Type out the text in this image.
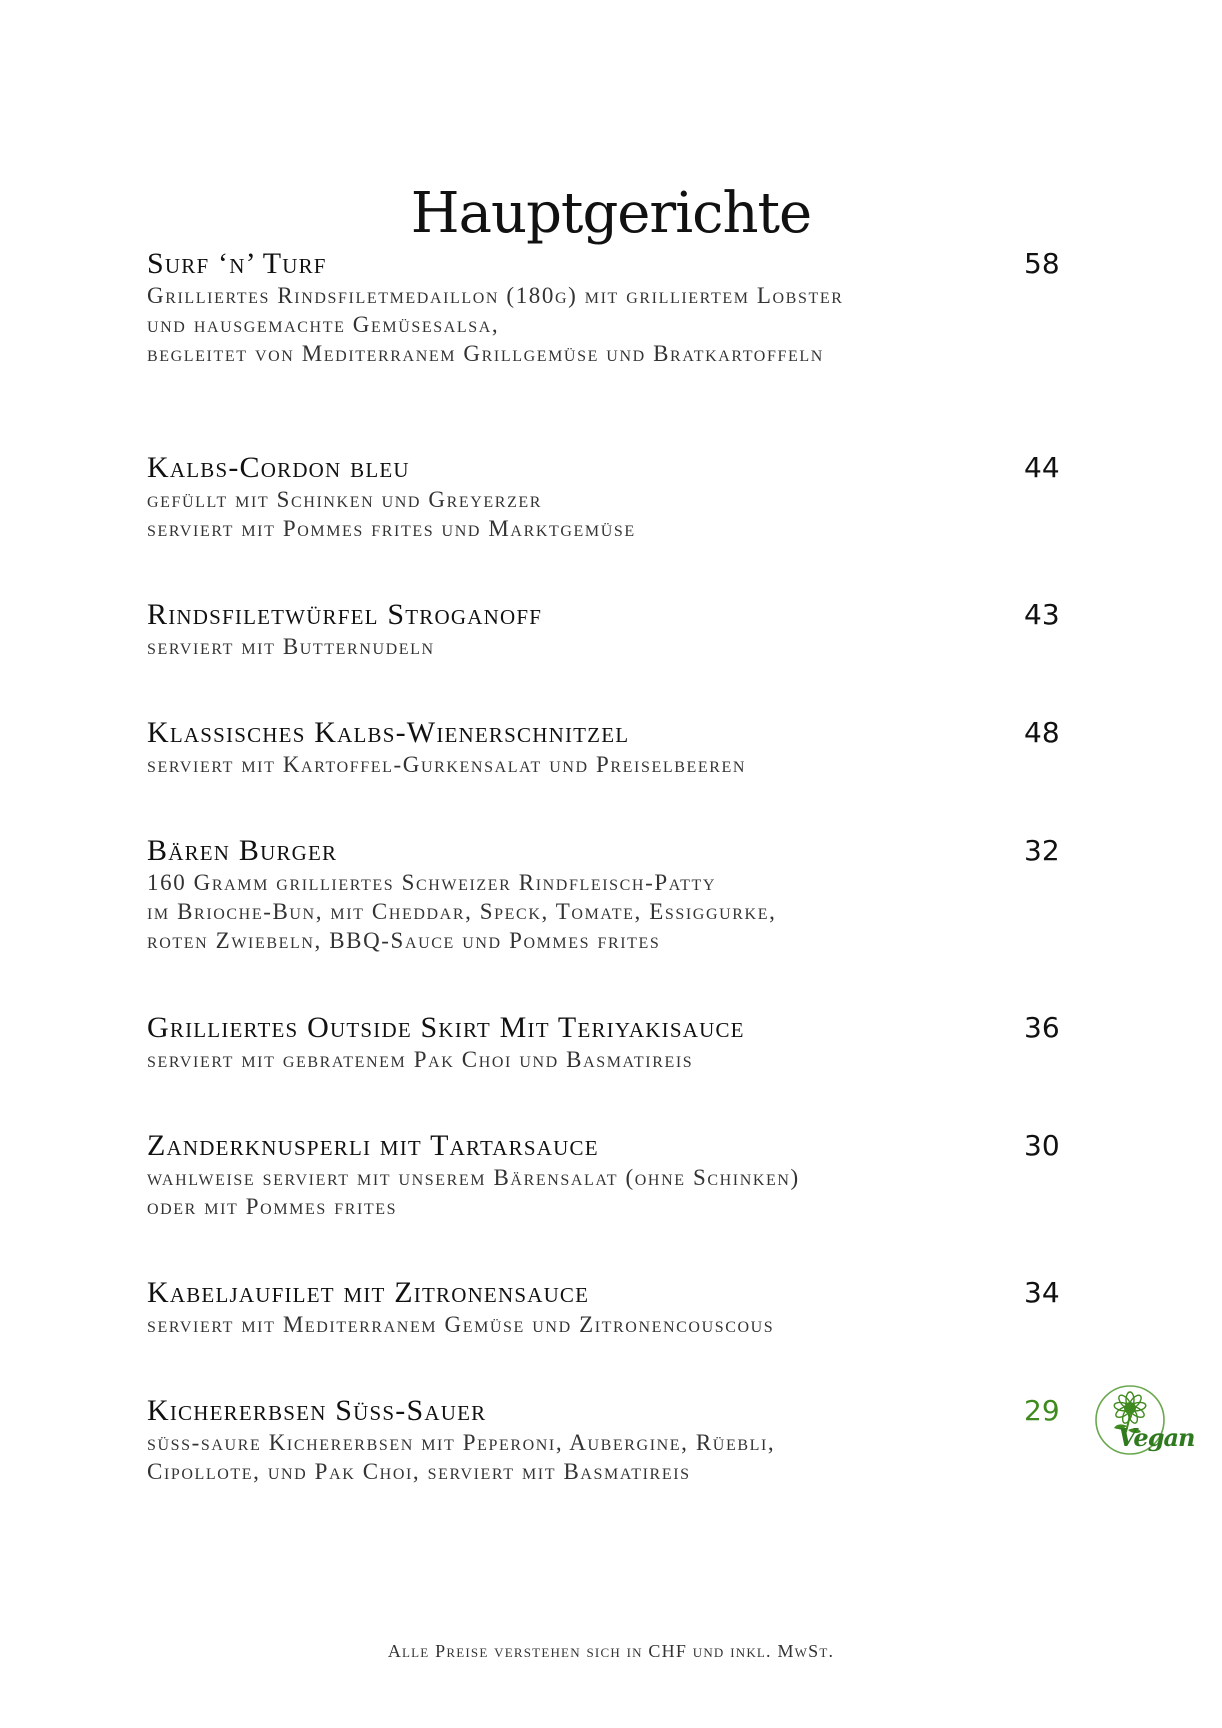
Hauptgerichte
Surf ‘n’ Turf	58
Grilliertes Rindsfiletmedaillon (180g) mit grilliertem Lobster
und hausgemachte Gemüsesalsa,
begleitet von Mediterranem Grillgemüse und Bratkartoffeln
Kalbs-Cordon bleu	44
gefüllt mit Schinken und Greyerzer
serviert mit Pommes frites und Marktgemüse
Rindsfiletwürfel Stroganoff	43
serviert mit Butternudeln
Klassisches Kalbs-Wienerschnitzel	48
serviert mit Kartoffel-Gurkensalat und Preiselbeeren
Bären Burger	32
160 Gramm grilliertes Schweizer Rindfleisch-Patty
im Brioche-Bun, mit Cheddar, Speck, Tomate, Essiggurke,
roten Zwiebeln, BBQ-Sauce und Pommes frites
Grilliertes Outside Skirt Mit Teriyakisauce	36
serviert mit gebratenem Pak Choi und Basmatireis
Zanderknusperli mit Tartarsauce	30
wahlweise serviert mit unserem Bärensalat (ohne Schinken)
oder mit Pommes frites
Kabeljaufilet mit Zitronensauce	34
serviert mit Mediterranem Gemüse und Zitronencouscous
Kichererbsen Süss-Sauer	29
süss-saure Kichererbsen mit Peperoni, Aubergine, Rüebli,
Cipollote, und Pak Choi, serviert mit Basmatireis
Vegan
Alle Preise verstehen sich in CHF und inkl. MwSt.
